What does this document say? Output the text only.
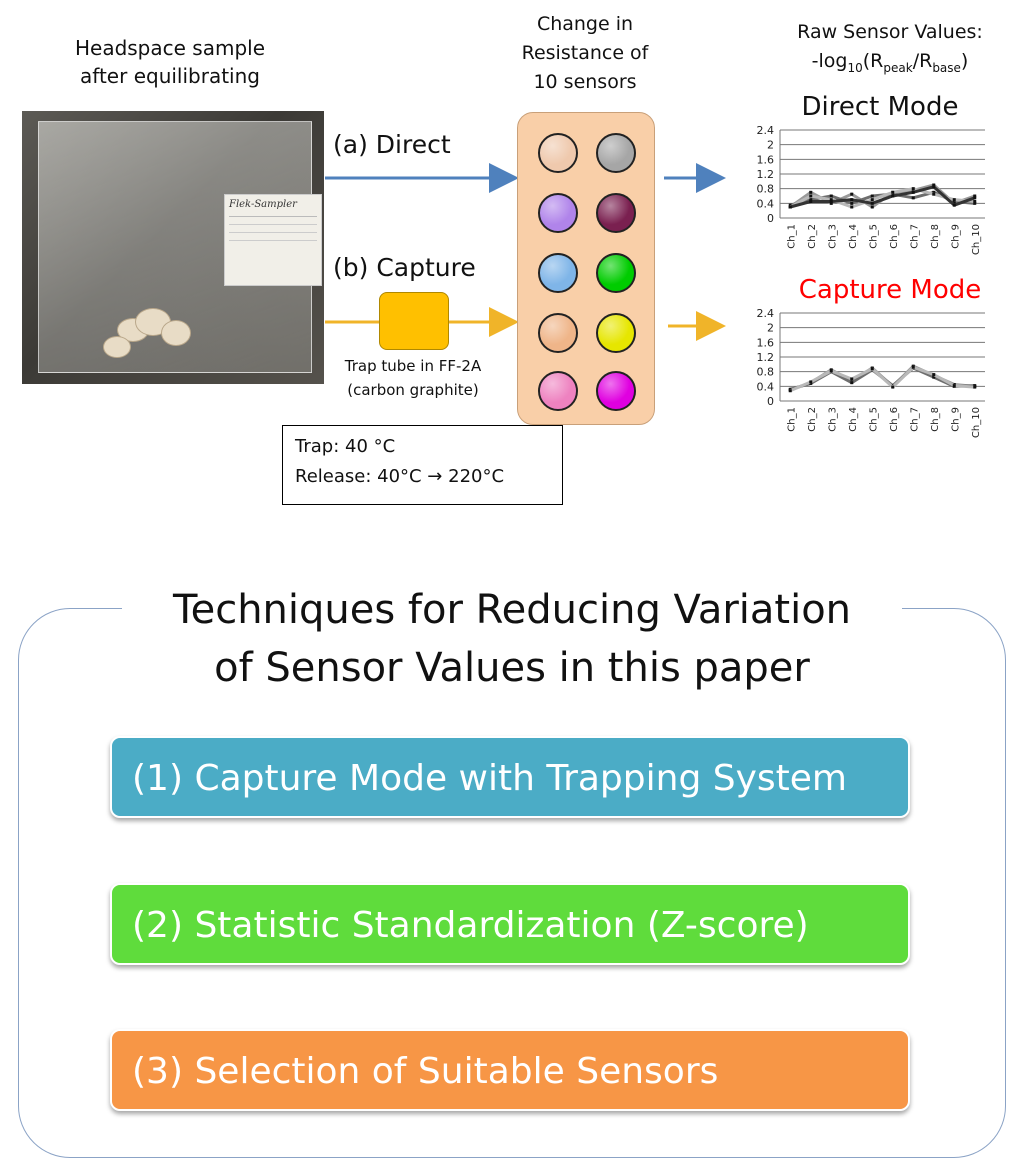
Headspace sample
after equilibrating
Flek-Sampler
(a) Direct
(b) Capture
Trap tube in FF-2A
(carbon graphite)
Trap: 40 °C
Release: 40°C → 220°C
Change in
Resistance of
10 sensors
Raw Sensor Values:
$-\log_{10}(R_{peak}/R_{base})$
Direct Mode
Capture Mode
0
0.4
0.8
1.2
1.6
2
2.4
Ch_1 Ch_2 Ch_3 Ch_4 Ch_5 Ch_6 Ch_7 Ch_8 Ch_9 Ch_10
0
0.4
0.8
1.2
1.6
2
2.4
Ch_1 Ch_2 Ch_3 Ch_4 Ch_5 Ch_6 Ch_7 Ch_8 Ch_9 Ch_10
Techniques for Reducing Variation
of Sensor Values in this paper
(1) Capture Mode with Trapping System
(2) Statistic Standardization (Z-score)
(3) Selection of Suitable Sensors
